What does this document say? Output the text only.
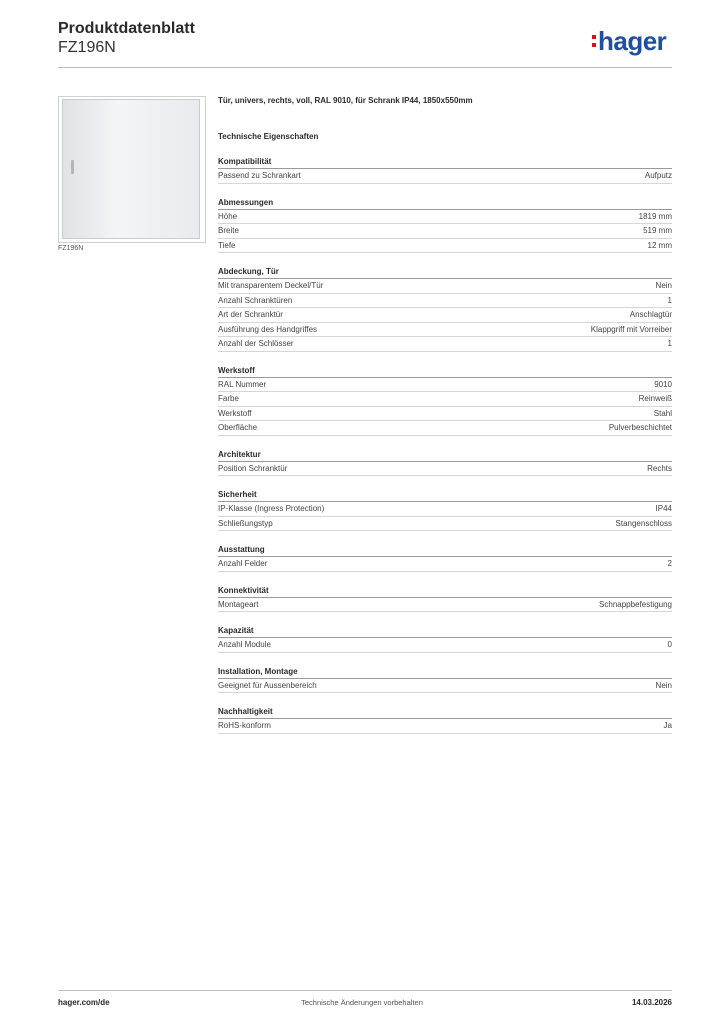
Produktdatenblatt
FZ196N	hager
FZ196N
Tür, univers, rechts, voll, RAL 9010, für Schrank IP44, 1850x550mm
Technische Eigenschaften
Kompatibilität
Passend zu Schrankart	Aufputz
Abmessungen
Höhe	1819 mm
Breite	519 mm
Tiefe	12 mm
Abdeckung, Tür
Mit transparentem Deckel/Tür	Nein
Anzahl Schranktüren	1
Art der Schranktür	Anschlagtür
Ausführung des Handgriffes	Klappgriff mit Vorreiber
Anzahl der Schlösser	1
Werkstoff
RAL Nummer	9010
Farbe	Reinweiß
Werkstoff	Stahl
Oberfläche	Pulverbeschichtet
Architektur
Position Schranktür	Rechts
Sicherheit
IP-Klasse (Ingress Protection)	IP44
Schließungstyp	Stangenschloss
Ausstattung
Anzahl Felder	2
Konnektivität
Montageart	Schnappbefestigung
Kapazität
Anzahl Module	0
Installation, Montage
Geeignet für Aussenbereich	Nein
Nachhaltigkeit
RoHS-konform	Ja
hager.com/de	Technische Änderungen vorbehalten	14.03.2026
